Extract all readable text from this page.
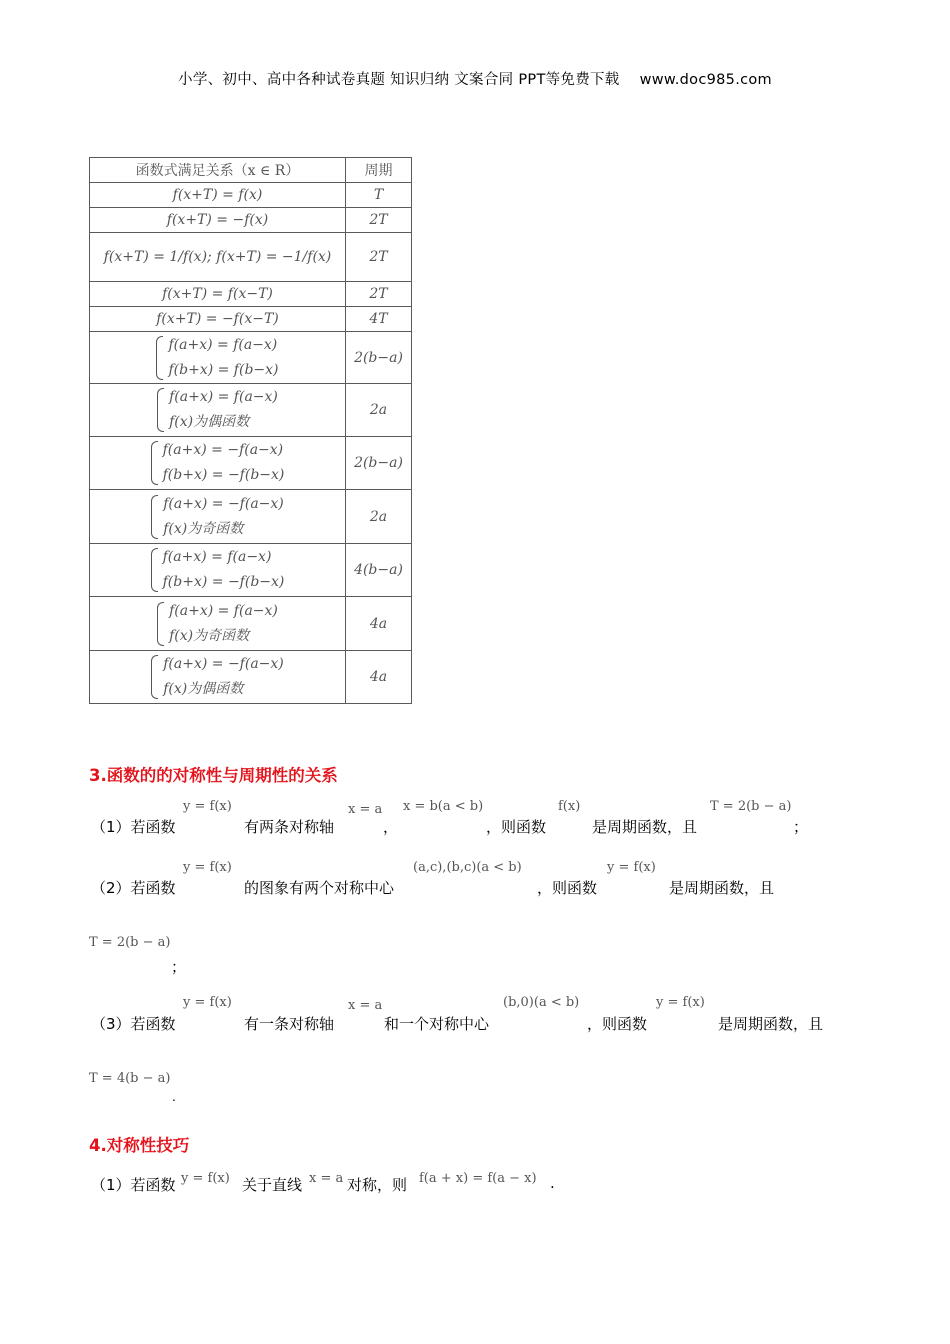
小学、初中、高中各种试卷真题 知识归纳 文案合同 PPT等免费下载 www.doc985.com
函数式满足关系（x ∈ R）	周期
f(x+T) = f(x)	T
f(x+T) = −f(x)	2T
f(x+T) = 1/f(x); f(x+T) = −1/f(x)	2T
f(x+T) = f(x−T)	2T
f(x+T) = −f(x−T)	4T

f(a+x) = f(a−x)
f(b+x) = f(b−x)	2(b−a)

f(a+x) = f(a−x)
f(x)为偶函数	2a

f(a+x) = −f(a−x)
f(b+x) = −f(b−x)	2(b−a)

f(a+x) = −f(a−x)
f(x)为奇函数	2a

f(a+x) = f(a−x)
f(b+x) = −f(b−x)	4(b−a)

f(a+x) = f(a−x)
f(x)为奇函数	4a

f(a+x) = −f(a−x)
f(x)为偶函数	4a
3.函数的的对称性与周期性的关系
y = f(x)	x = a x = b(a < b)	f(x)	T = 2(b − a)
（1）若函数	有两条对称轴	，	，则函数	是周期函数，且	；
y = f(x)	(a,c),(b,c)(a < b)	y = f(x)
（2）若函数	的图象有两个对称中心	，则函数	是周期函数，且
T = 2(b − a)
；
y = f(x)	x = a	(b,0)(a < b)	y = f(x)
（3）若函数	有一条对称轴	和一个对称中心	，则函数	是周期函数，且
T = 4(b − a)
.
4.对称性技巧
（1）若函数 y = f(x) 关于直线 x = a 对称，则 f(a + x) = f(a − x) .
